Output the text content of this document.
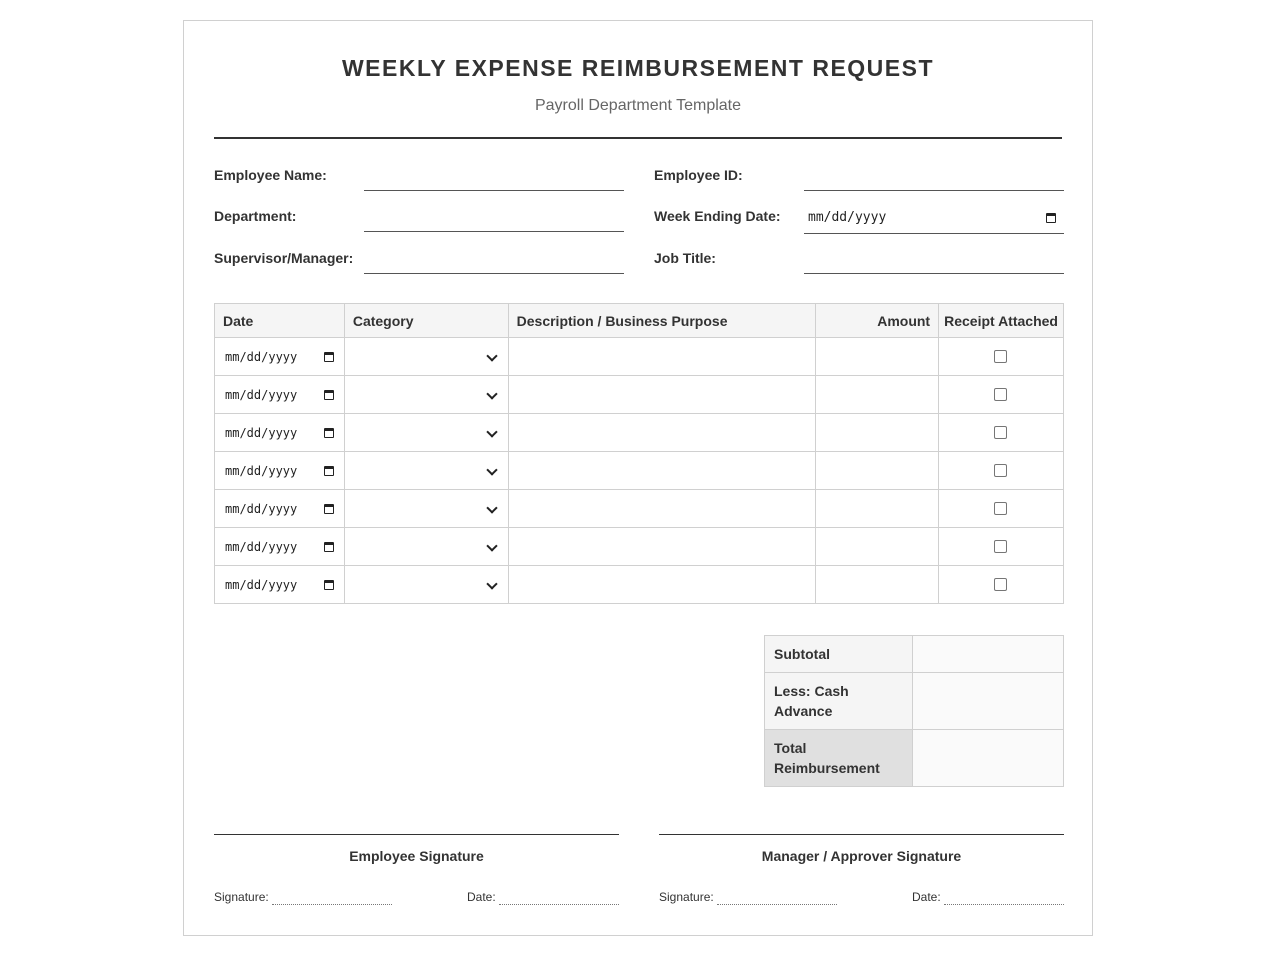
WEEKLY EXPENSE REIMBURSEMENT REQUEST
Payroll Department Template
Employee Name:	Employee ID:
Department:	Week Ending Date:	mm/dd/yyyy
Supervisor/Manager:	Job Title:
Date	Category	Description / Business Purpose	Amount	Receipt Attached

mm/dd/yyyy				

mm/dd/yyyy				

mm/dd/yyyy				

mm/dd/yyyy				

mm/dd/yyyy				

mm/dd/yyyy				

mm/dd/yyyy				

Subtotal	
Less: Cash Advance	
Total Reimbursement	
Employee Signature
Signature:	Date:
Manager / Approver Signature
Signature:	Date:
